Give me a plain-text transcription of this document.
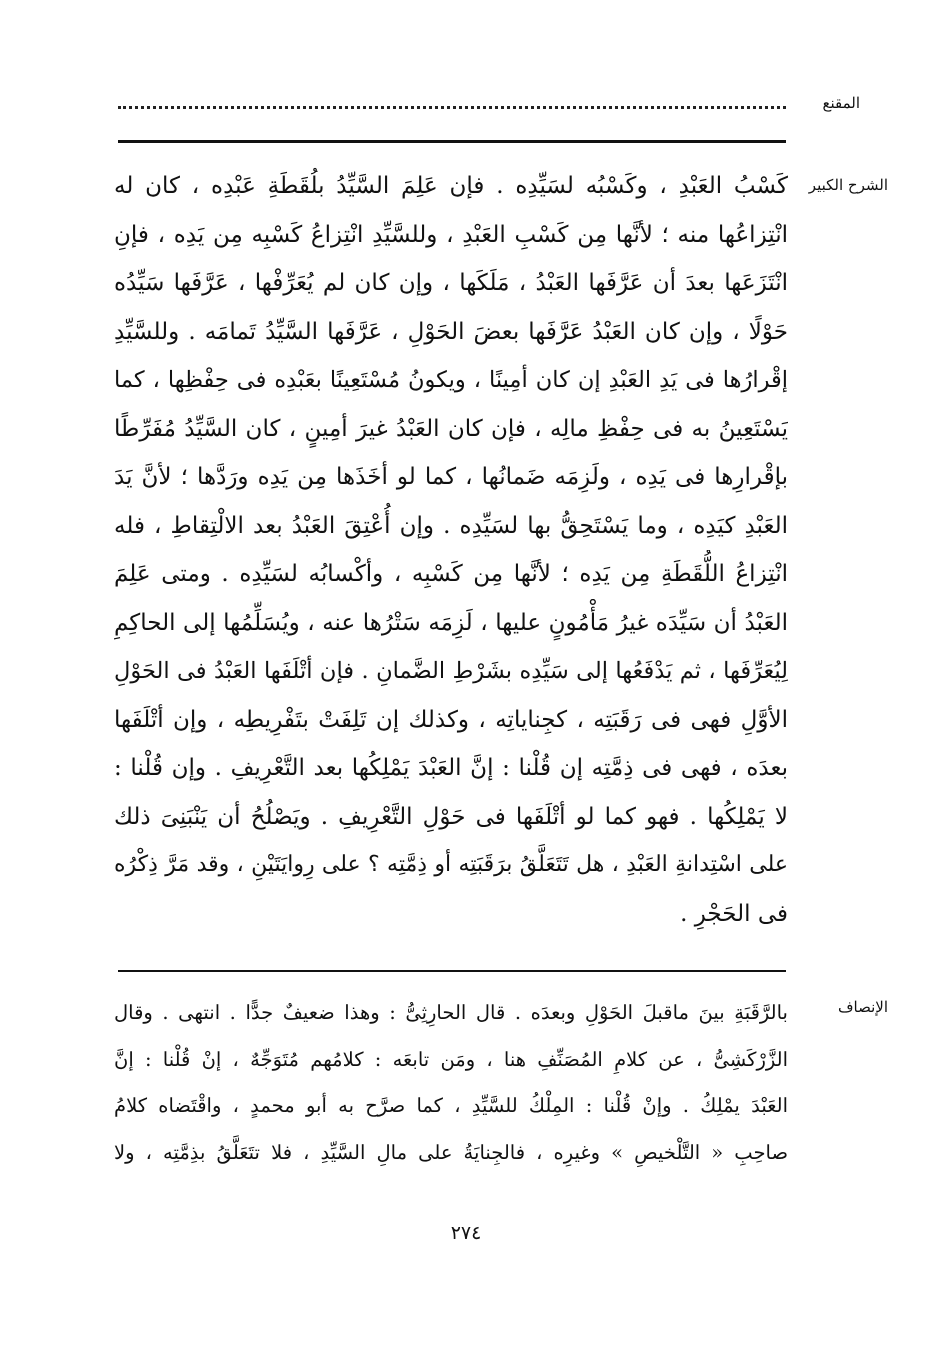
المقنع
الشرح الكبير
كَسْبُ العَبْدِ ، وكَسْبُه لسَيِّدِه . فإن عَلِمَ السَّيِّدُ بلُقَطَةِ عَبْدِه ، كان له
انْتِزاعُها منه ؛ لأنَّها مِن كَسْبِ العَبْدِ ، وللسَّيِّدِ انْتِزاعُ كَسْبِه مِن يَدِه ، فإنِ
انْتَزَعَها بعدَ أن عَرَّفَها العَبْدُ ، مَلَكَها ، وإن كان لم يُعَرِّفْها ، عَرَّفَها سَيِّدُه
حَوْلًا ، وإن كان العَبْدُ عَرَّفَها بعضَ الحَوْلِ ، عَرَّفَها السَّيِّدُ تَمامَه . وللسَّيِّدِ
إقْرارُها فى يَدِ العَبْدِ إن كان أمِينًا ، ويكونُ مُسْتَعِينًا بعَبْدِه فى حِفْظِها ، كما
يَسْتَعِينُ به فى حِفْظِ مالِه ، فإن كان العَبْدُ غيرَ أمِينٍ ، كان السَّيِّدُ مُفَرِّطًا
بإقْرارِها فى يَدِه ، ولَزِمَه ضَمانُها ، كما لو أخَذَها مِن يَدِه ورَدَّها ؛ لأنَّ يَدَ
العَبْدِ كيَدِه ، وما يَسْتَحِقُّ بها لسَيِّدِه . وإن أُعْتِقَ العَبْدُ بعد الالْتِقاطِ ، فله
انْتِزاعُ اللُّقَطَةِ مِن يَدِه ؛ لأنَّها مِن كَسْبِه ، وأكْسابُه لسَيِّدِه . ومتى عَلِمَ
العَبْدُ أن سَيِّدَه غيرُ مَأْمُونٍ عليها ، لَزِمَه سَتْرُها عنه ، ويُسَلِّمُها إلى الحاكِمِ
لِيُعَرِّفَها ، ثم يَدْفَعُها إلى سَيِّدِه بشَرْطِ الضَّمانِ . فإن أتْلَفَها العَبْدُ فى الحَوْلِ
الأوَّلِ فهى فى رَقَبَتِه ، كجِناياتِه ، وكذلك إن تَلِفَتْ بتَفْرِيطِه ، وإن أتْلَفَها
بعدَه ، فهى فى ذِمَّتِه إن قُلْنا : إنَّ العَبْدَ يَمْلِكُها بعد التَّعْرِيفِ . وإن قُلْنا :
لا يَمْلِكُها . فهو كما لو أتْلَفَها فى حَوْلِ التَّعْرِيفِ . ويَصْلُحُ أن يَنْبَنِىَ ذلك
على اسْتِدانةِ العَبْدِ ، هل تَتَعَلَّقُ برَقَبَتِه أو ذِمَّتِه ؟ على رِوايَتَيْنِ ، وقد مَرَّ ذِكْرُه
فى الحَجْرِ .
الإنصاف
بالرَّقَبَةِ بينَ ماقبلَ الحَوْلِ وبعدَه . قال الحارِثِىُّ : وهذا ضعيفٌ جدًّا . انتهى . وقال
الزَّرْكَشِىُّ ، عن كلامِ المُصَنِّفِ هنا ، ومَن تابعَه : كلامُهم مُتَوَجِّهٌ ، إنْ قُلْنا : إنَّ
العَبْدَ يمْلِكُ . وإنْ قُلْنا : المِلْكُ للسَّيِّدِ ، كما صرَّح به أبو محمدٍ ، واقْتَضاه كلامُ
صاحِبِ « التَّلْخيصِ » وغيرِه ، فالجِنايَةُ على مالِ السَّيِّدِ ، فلا تتَعَلَّقُ بذِمَّتِه ، ولا
٢٧٤
